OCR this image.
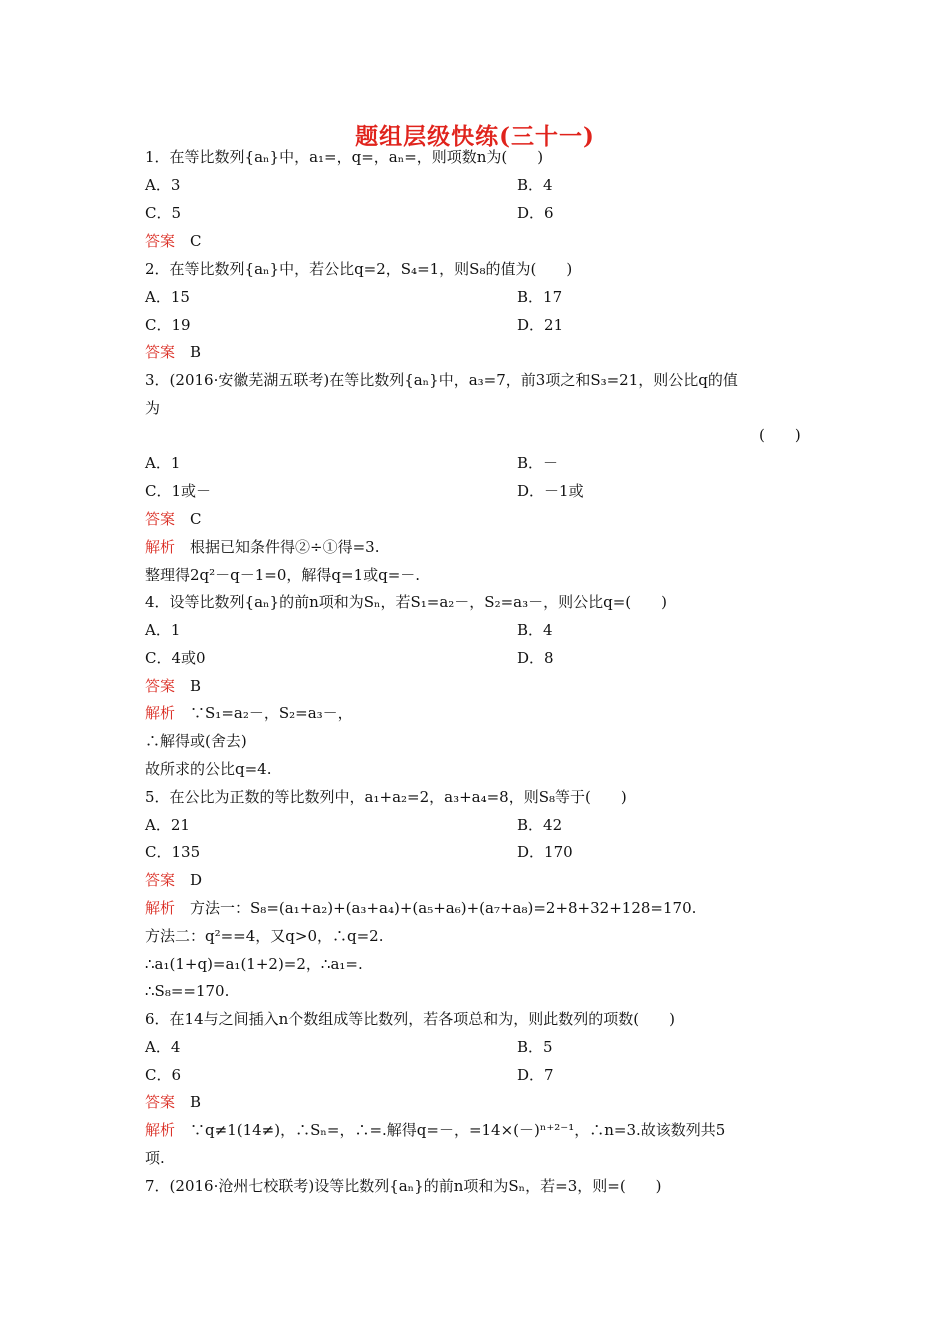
题组层级快练(三十一)
1．在等比数列{aₙ}中，a₁=，q=，aₙ=，则项数n为(　　)
A．3	B．4
C．5	D．6
答案　 C
2．在等比数列{aₙ}中，若公比q=2，S₄=1，则S₈的值为(　　)
A．15	B．17
C．19	D．21
答案　 B
3．(2016·安徽芜湖五联考)在等比数列{aₙ}中，a₃=7，前3项之和S₃=21，则公比q的值
为
(　　)
A．1	B．－
C．1或－	D．－1或
答案　 C
解析　 根据已知条件得②÷①得=3.
整理得2q²－q－1=0，解得q=1或q=－.
4．设等比数列{aₙ}的前n项和为Sₙ，若S₁=a₂－，S₂=a₃－，则公比q=(　　)
A．1	B．4
C．4或0	D．8
答案　 B
解析　 ∵S₁=a₂－，S₂=a₃－，
∴解得或(舍去)
故所求的公比q=4.
5．在公比为正数的等比数列中，a₁+a₂=2，a₃+a₄=8，则S₈等于(　　)
A．21	B．42
C．135	D．170
答案　 D
解析　 方法一：S₈=(a₁+a₂)+(a₃+a₄)+(a₅+a₆)+(a₇+a₈)=2+8+32+128=170.
方法二：q²==4，又q>0，∴q=2.
∴a₁(1+q)=a₁(1+2)=2，∴a₁=.
∴S₈==170.
6．在14与之间插入n个数组成等比数列，若各项总和为，则此数列的项数(　　)
A．4	B．5
C．6	D．7
答案　 B
解析　 ∵q≠1(14≠)，∴Sₙ=，∴=.解得q=－，=14×(－)ⁿ⁺²⁻¹，∴n=3.故该数列共5
项.
7．(2016·沧州七校联考)设等比数列{aₙ}的前n项和为Sₙ，若=3，则=(　　)
